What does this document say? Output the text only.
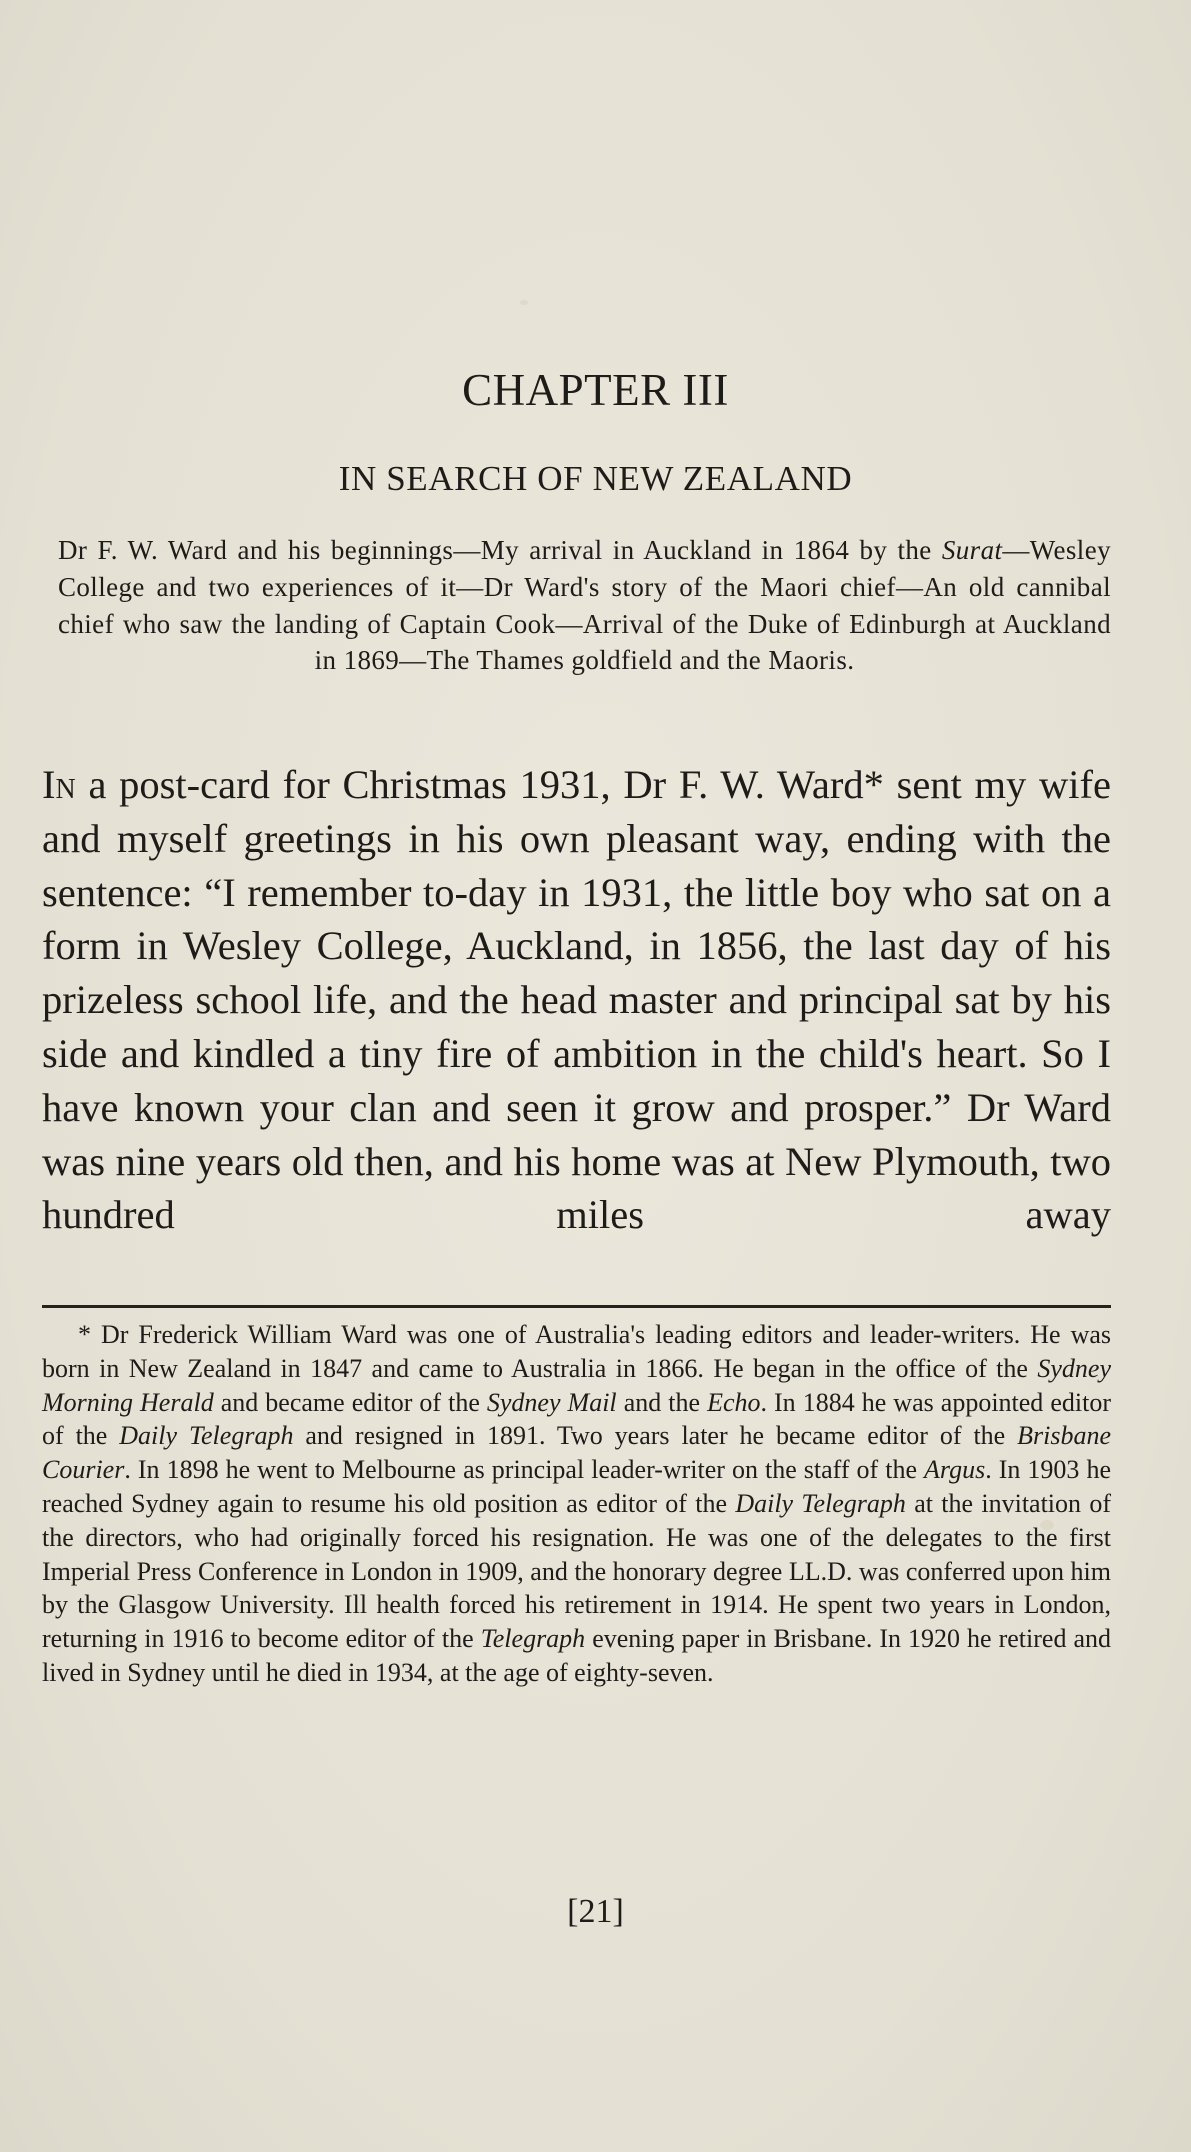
CHAPTER III
IN SEARCH OF NEW ZEALAND
Dr F. W. Ward and his beginnings—My arrival in Auckland in 1864 by the Surat—Wesley College and two experiences of it—Dr Ward's story of the Maori chief—An old cannibal chief who saw the landing of Captain Cook—Arrival of the Duke of Edinburgh at Auckland in 1869—The Thames goldfield and the Maoris.
In a post-card for Christmas 1931, Dr F. W. Ward* sent my wife and myself greetings in his own pleasant way, ending with the sentence: “I remember to-day in 1931, the little boy who sat on a form in Wesley College, Auckland, in 1856, the last day of his prizeless school life, and the head master and principal sat by his side and kindled a tiny fire of ambition in the child's heart. So I have known your clan and seen it grow and prosper.” Dr Ward was nine years old then, and his home was at New Plymouth, two hundred miles away

* Dr Frederick William Ward was one of Australia's leading editors and leader-writers. He was born in New Zealand in 1847 and came to Australia in 1866. He began in the office of the Sydney Morning Herald and became editor of the Sydney Mail and the Echo. In 1884 he was appointed editor of the Daily Telegraph and resigned in 1891. Two years later he became editor of the Brisbane Courier. In 1898 he went to Melbourne as principal leader-writer on the staff of the Argus. In 1903 he reached Sydney again to resume his old position as editor of the Daily Telegraph at the invitation of the directors, who had originally forced his resignation. He was one of the delegates to the first Imperial Press Conference in London in 1909, and the honorary degree LL.D. was conferred upon him by the Glasgow University. Ill health forced his retirement in 1914. He spent two years in London, returning in 1916 to become editor of the Telegraph evening paper in Brisbane. In 1920 he retired and lived in Sydney until he died in 1934, at the age of eighty-seven.

[21]
